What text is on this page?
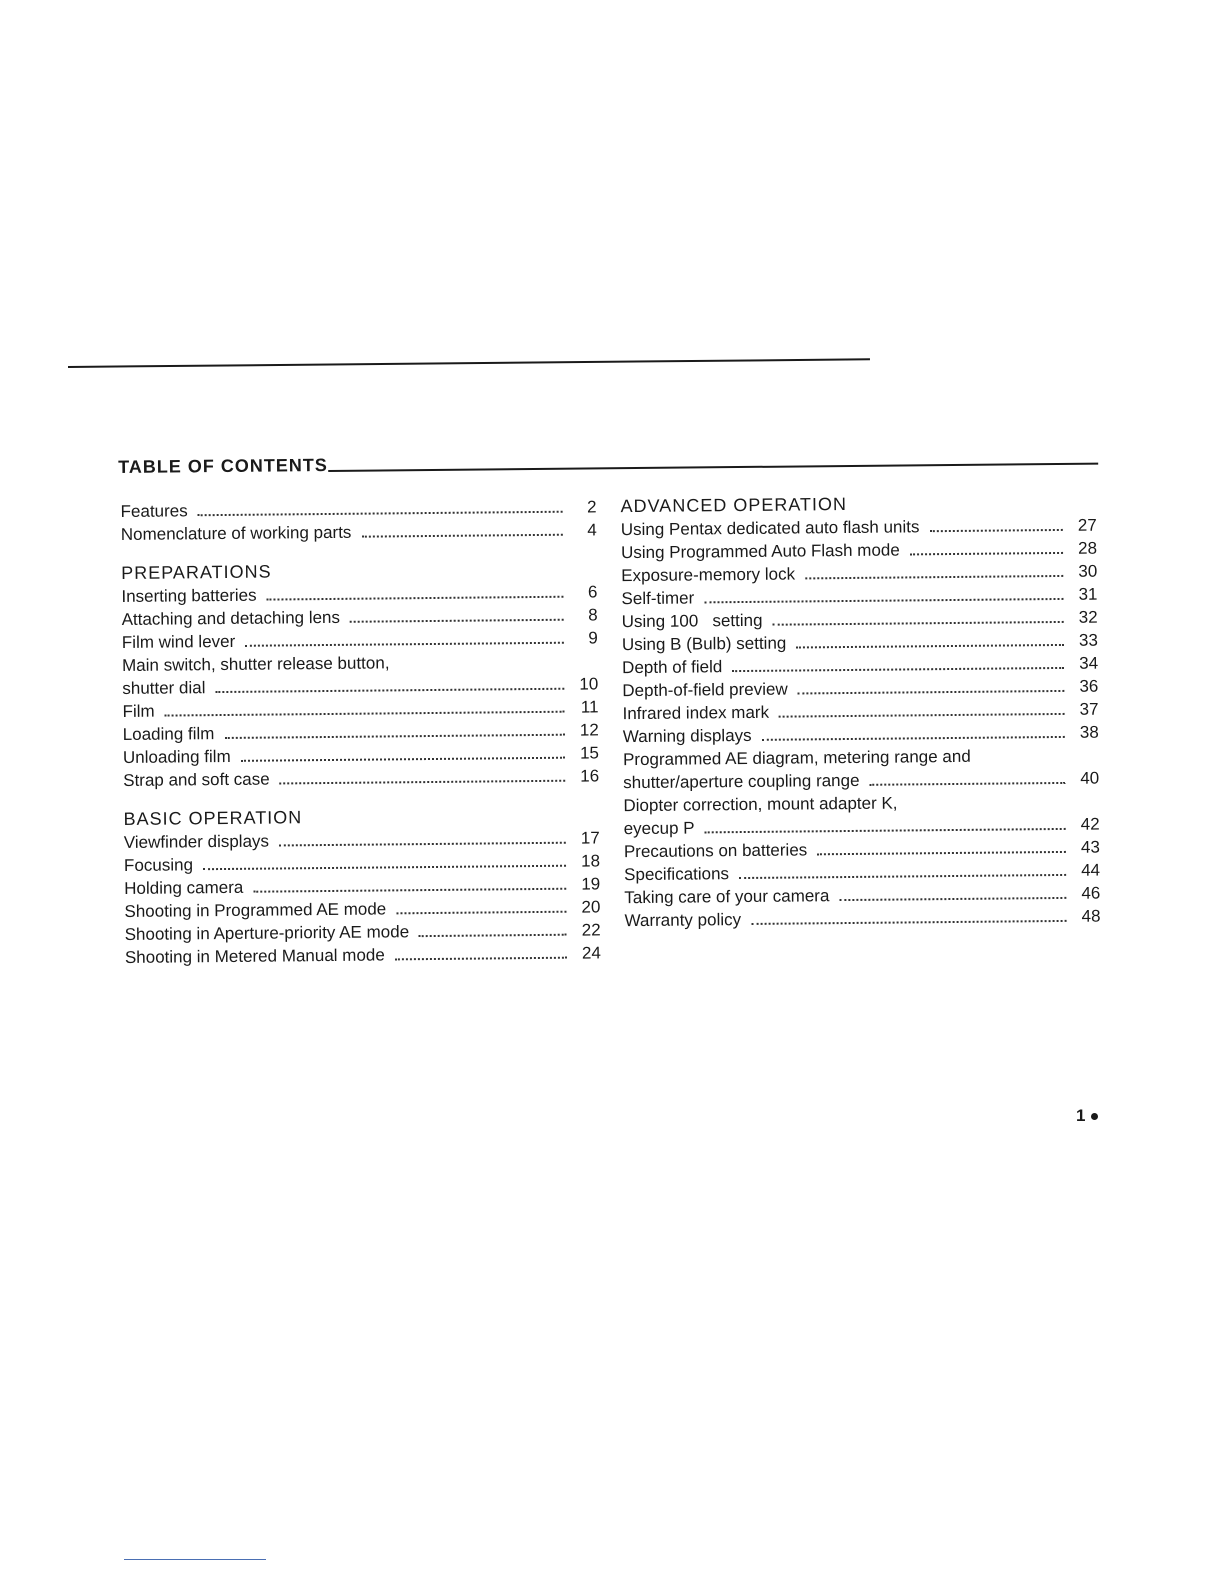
TABLE OF CONTENTS
Features	2
Nomenclature of working parts	4
PREPARATIONS
Inserting batteries	6
Attaching and detaching lens	8
Film wind lever	9
Main switch, shutter release button,
shutter dial	10
Film	11
Loading film	12
Unloading film	15
Strap and soft case	16
BASIC OPERATION
Viewfinder displays	17
Focusing	18
Holding camera	19
Shooting in Programmed AE mode	20
Shooting in Aperture-priority AE mode	22
Shooting in Metered Manual mode	24
ADVANCED OPERATION
Using Pentax dedicated auto flash units	27
Using Programmed Auto Flash mode	28
Exposure-memory lock	30
Self-timer	31
Using 100   setting	32
Using B (Bulb) setting	33
Depth of field	34
Depth-of-field preview	36
Infrared index mark	37
Warning displays	38
Programmed AE diagram, metering range and
shutter/aperture coupling range	40
Diopter correction, mount adapter K,
eyecup P	42
Precautions on batteries	43
Specifications	44
Taking care of your camera	46
Warranty policy	48
1
